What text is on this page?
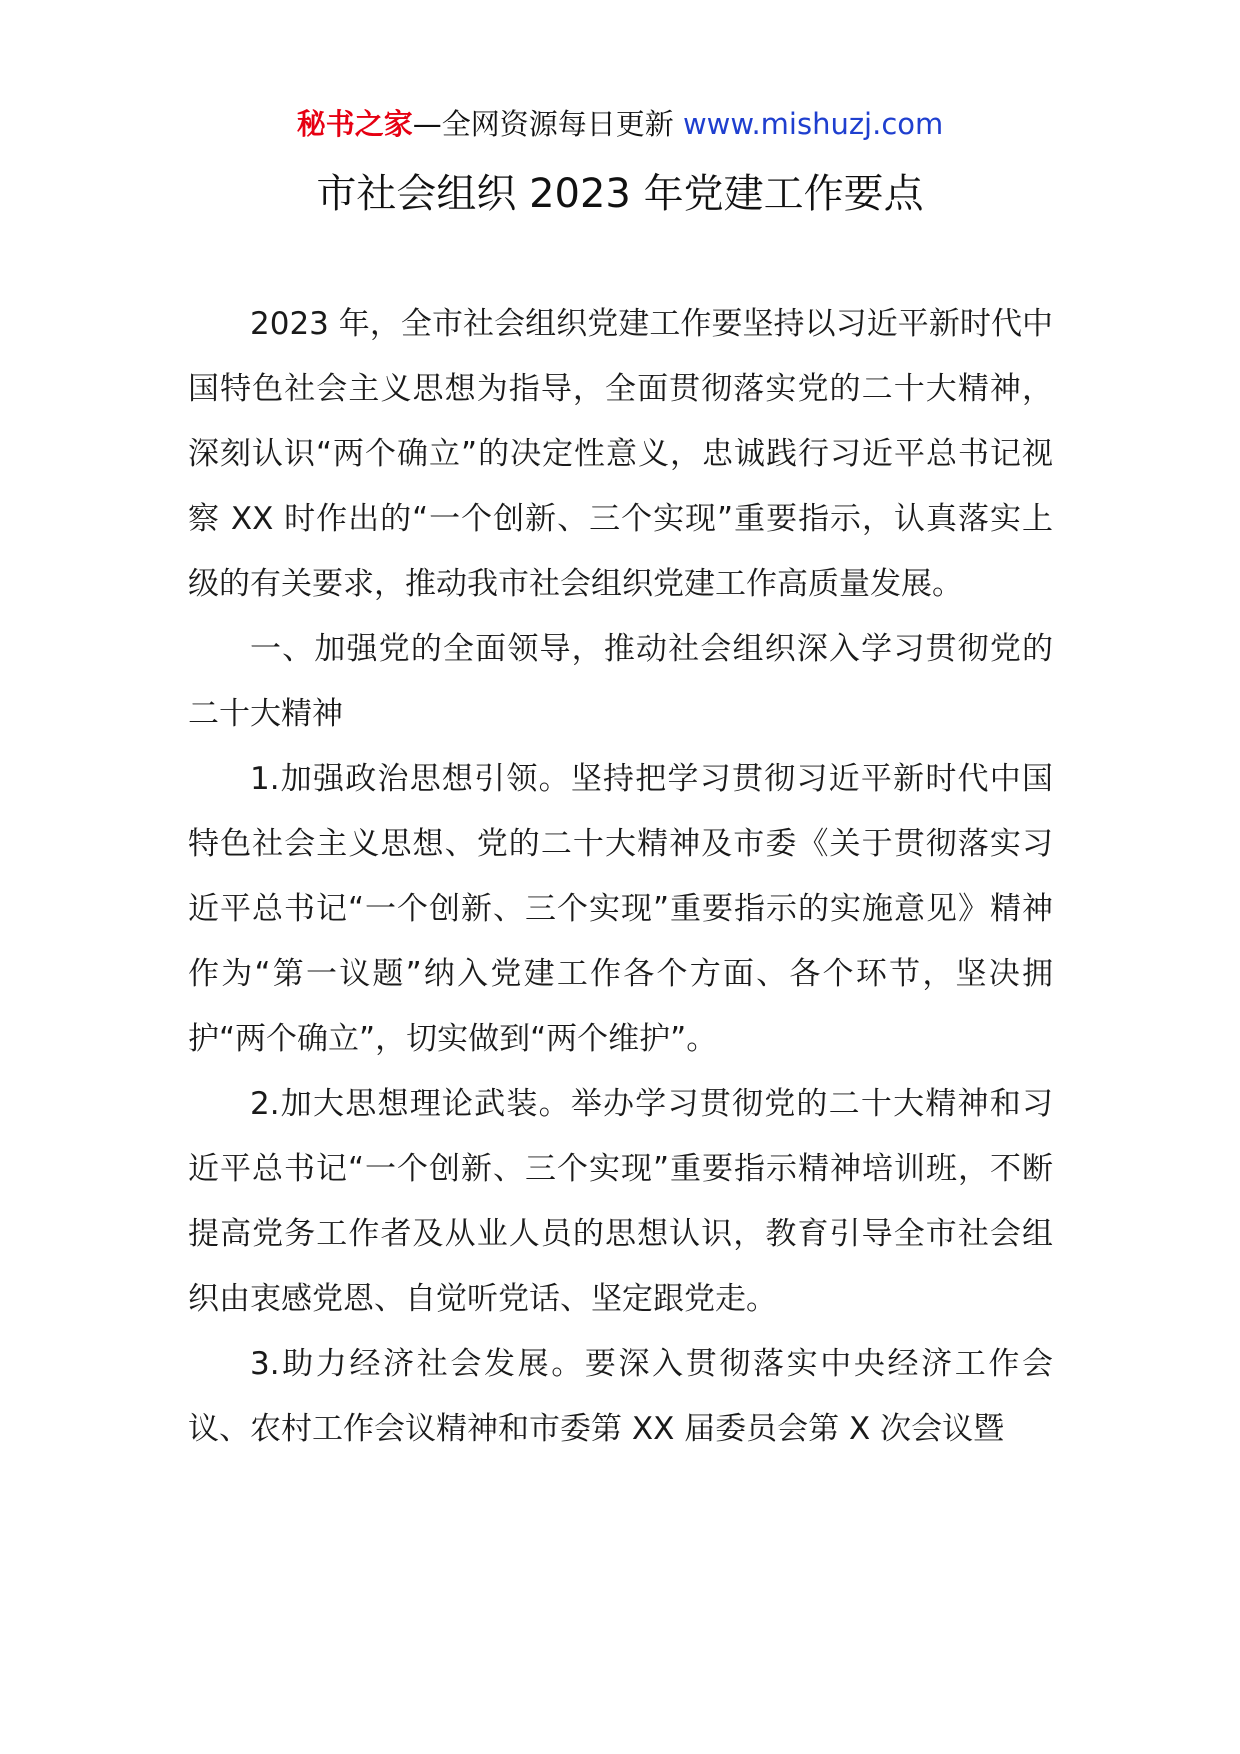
秘书之家—全网资源每日更新 www.mishuzj.com
市社会组织 2023 年党建工作要点

2023 年，全市社会组织党建工作要坚持以习近平新时代中国特色社会主义思想为指导，全面贯彻落实党的二十大精神，深刻认识“两个确立”的决定性意义，忠诚践行习近平总书记视察 XX 时作出的“一个创新、三个实现”重要指示，认真落实上级的有关要求，推动我市社会组织党建工作高质量发展。

一、加强党的全面领导，推动社会组织深入学习贯彻党的二十大精神

1.加强政治思想引领。坚持把学习贯彻习近平新时代中国特色社会主义思想、党的二十大精神及市委《关于贯彻落实习近平总书记“一个创新、三个实现”重要指示的实施意见》精神作为“第一议题”纳入党建工作各个方面、各个环节，坚决拥护“两个确立”，切实做到“两个维护”。

2.加大思想理论武装。举办学习贯彻党的二十大精神和习近平总书记“一个创新、三个实现”重要指示精神培训班，不断提高党务工作者及从业人员的思想认识，教育引导全市社会组织由衷感党恩、自觉听党话、坚定跟党走。

3.助力经济社会发展。要深入贯彻落实中央经济工作会议、农村工作会议精神和市委第 XX 届委员会第 X 次会议暨
